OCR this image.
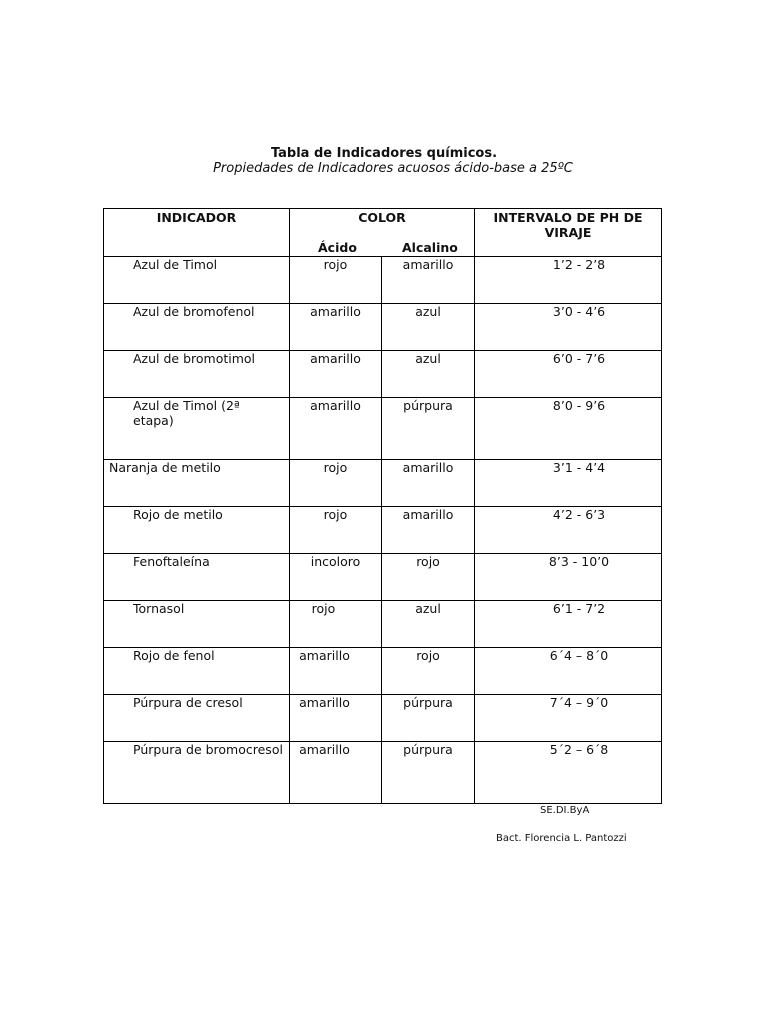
Tabla de Indicadores químicos.
Propiedades de Indicadores acuosos ácido-base a 25ºC
INDICADOR	COLOR
Ácido Alcalino		INTERVALO DE PH DE VIRAJE
Azul de Timol	rojo	amarillo	1’2 - 2’8
Azul de bromofenol	amarillo	azul	3’0 - 4’6
Azul de bromotimol	amarillo	azul	6’0 - 7’6
Azul de Timol (2ª etapa)	amarillo	púrpura	8’0 - 9’6
Naranja de metilo	rojo	amarillo	3’1 - 4’4
Rojo de metilo	rojo	amarillo	4’2 - 6’3
Fenoftaleína	incoloro	rojo	8’3 - 10’0
Tornasol	rojo	azul	6’1 - 7’2
Rojo de fenol	amarillo	rojo	6´4 – 8´0
Púrpura de cresol	amarillo	púrpura	7´4 – 9´0
Púrpura de bromocresol	amarillo	púrpura	5´2 – 6´8
SE.DI.ByA
Bact. Florencia L. Pantozzi
